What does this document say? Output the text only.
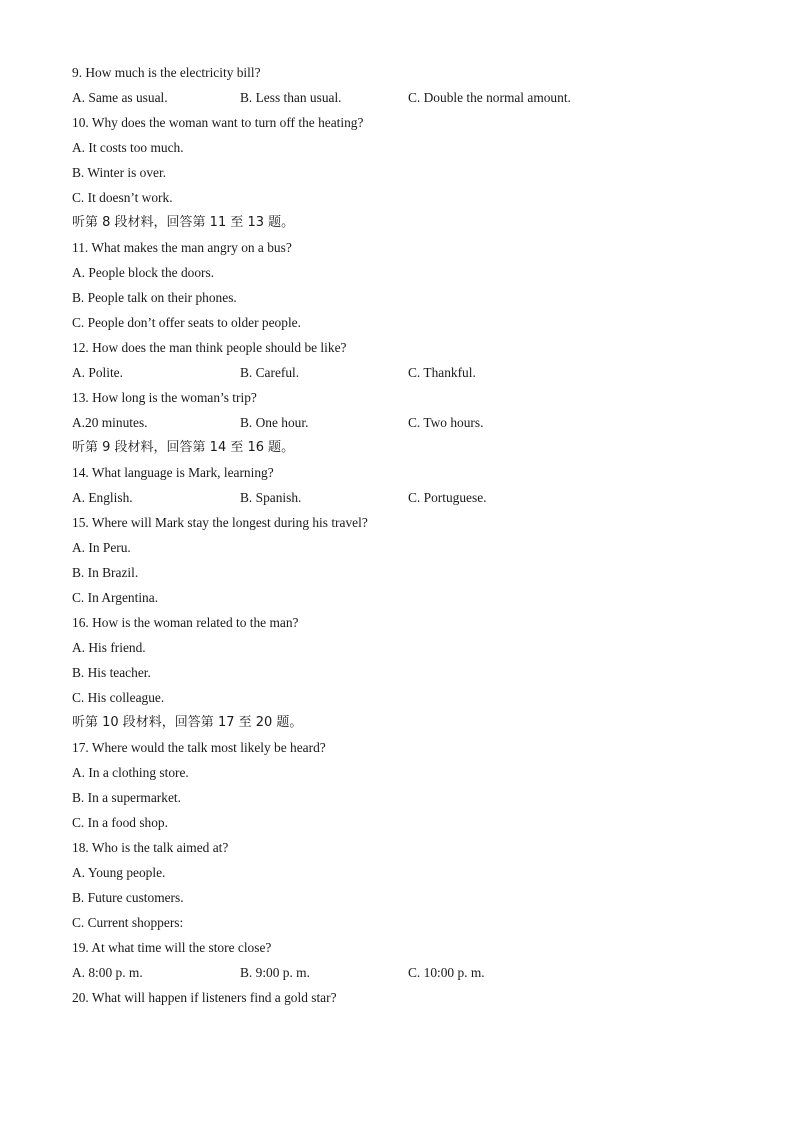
9. How much is the electricity bill?
A. Same as usual.	B. Less than usual.	C. Double the normal amount.
10. Why does the woman want to turn off the heating?
A. It costs too much.
B. Winter is over.
C. It doesn’t work.
听第 8 段材料，回答第 11 至 13 题。
11. What makes the man angry on a bus?
A. People block the doors.
B. People talk on their phones.
C. People don’t offer seats to older people.
12. How does the man think people should be like?
A. Polite.	B. Careful.	C. Thankful.
13. How long is the woman’s trip?
A.20 minutes.	B. One hour.	C. Two hours.
听第 9 段材料，回答第 14 至 16 题。
14. What language is Mark, learning?
A. English.	B. Spanish.	C. Portuguese.
15. Where will Mark stay the longest during his travel?
A. In Peru.
B. In Brazil.
C. In Argentina.
16. How is the woman related to the man?
A. His friend.
B. His teacher.
C. His colleague.
听第 10 段材料，回答第 17 至 20 题。
17. Where would the talk most likely be heard?
A. In a clothing store.
B. In a supermarket.
C. In a food shop.
18. Who is the talk aimed at?
A. Young people.
B. Future customers.
C. Current shoppers:
19. At what time will the store close?
A. 8:00 p. m.	B. 9:00 p. m.	C. 10:00 p. m.
20. What will happen if listeners find a gold star?
